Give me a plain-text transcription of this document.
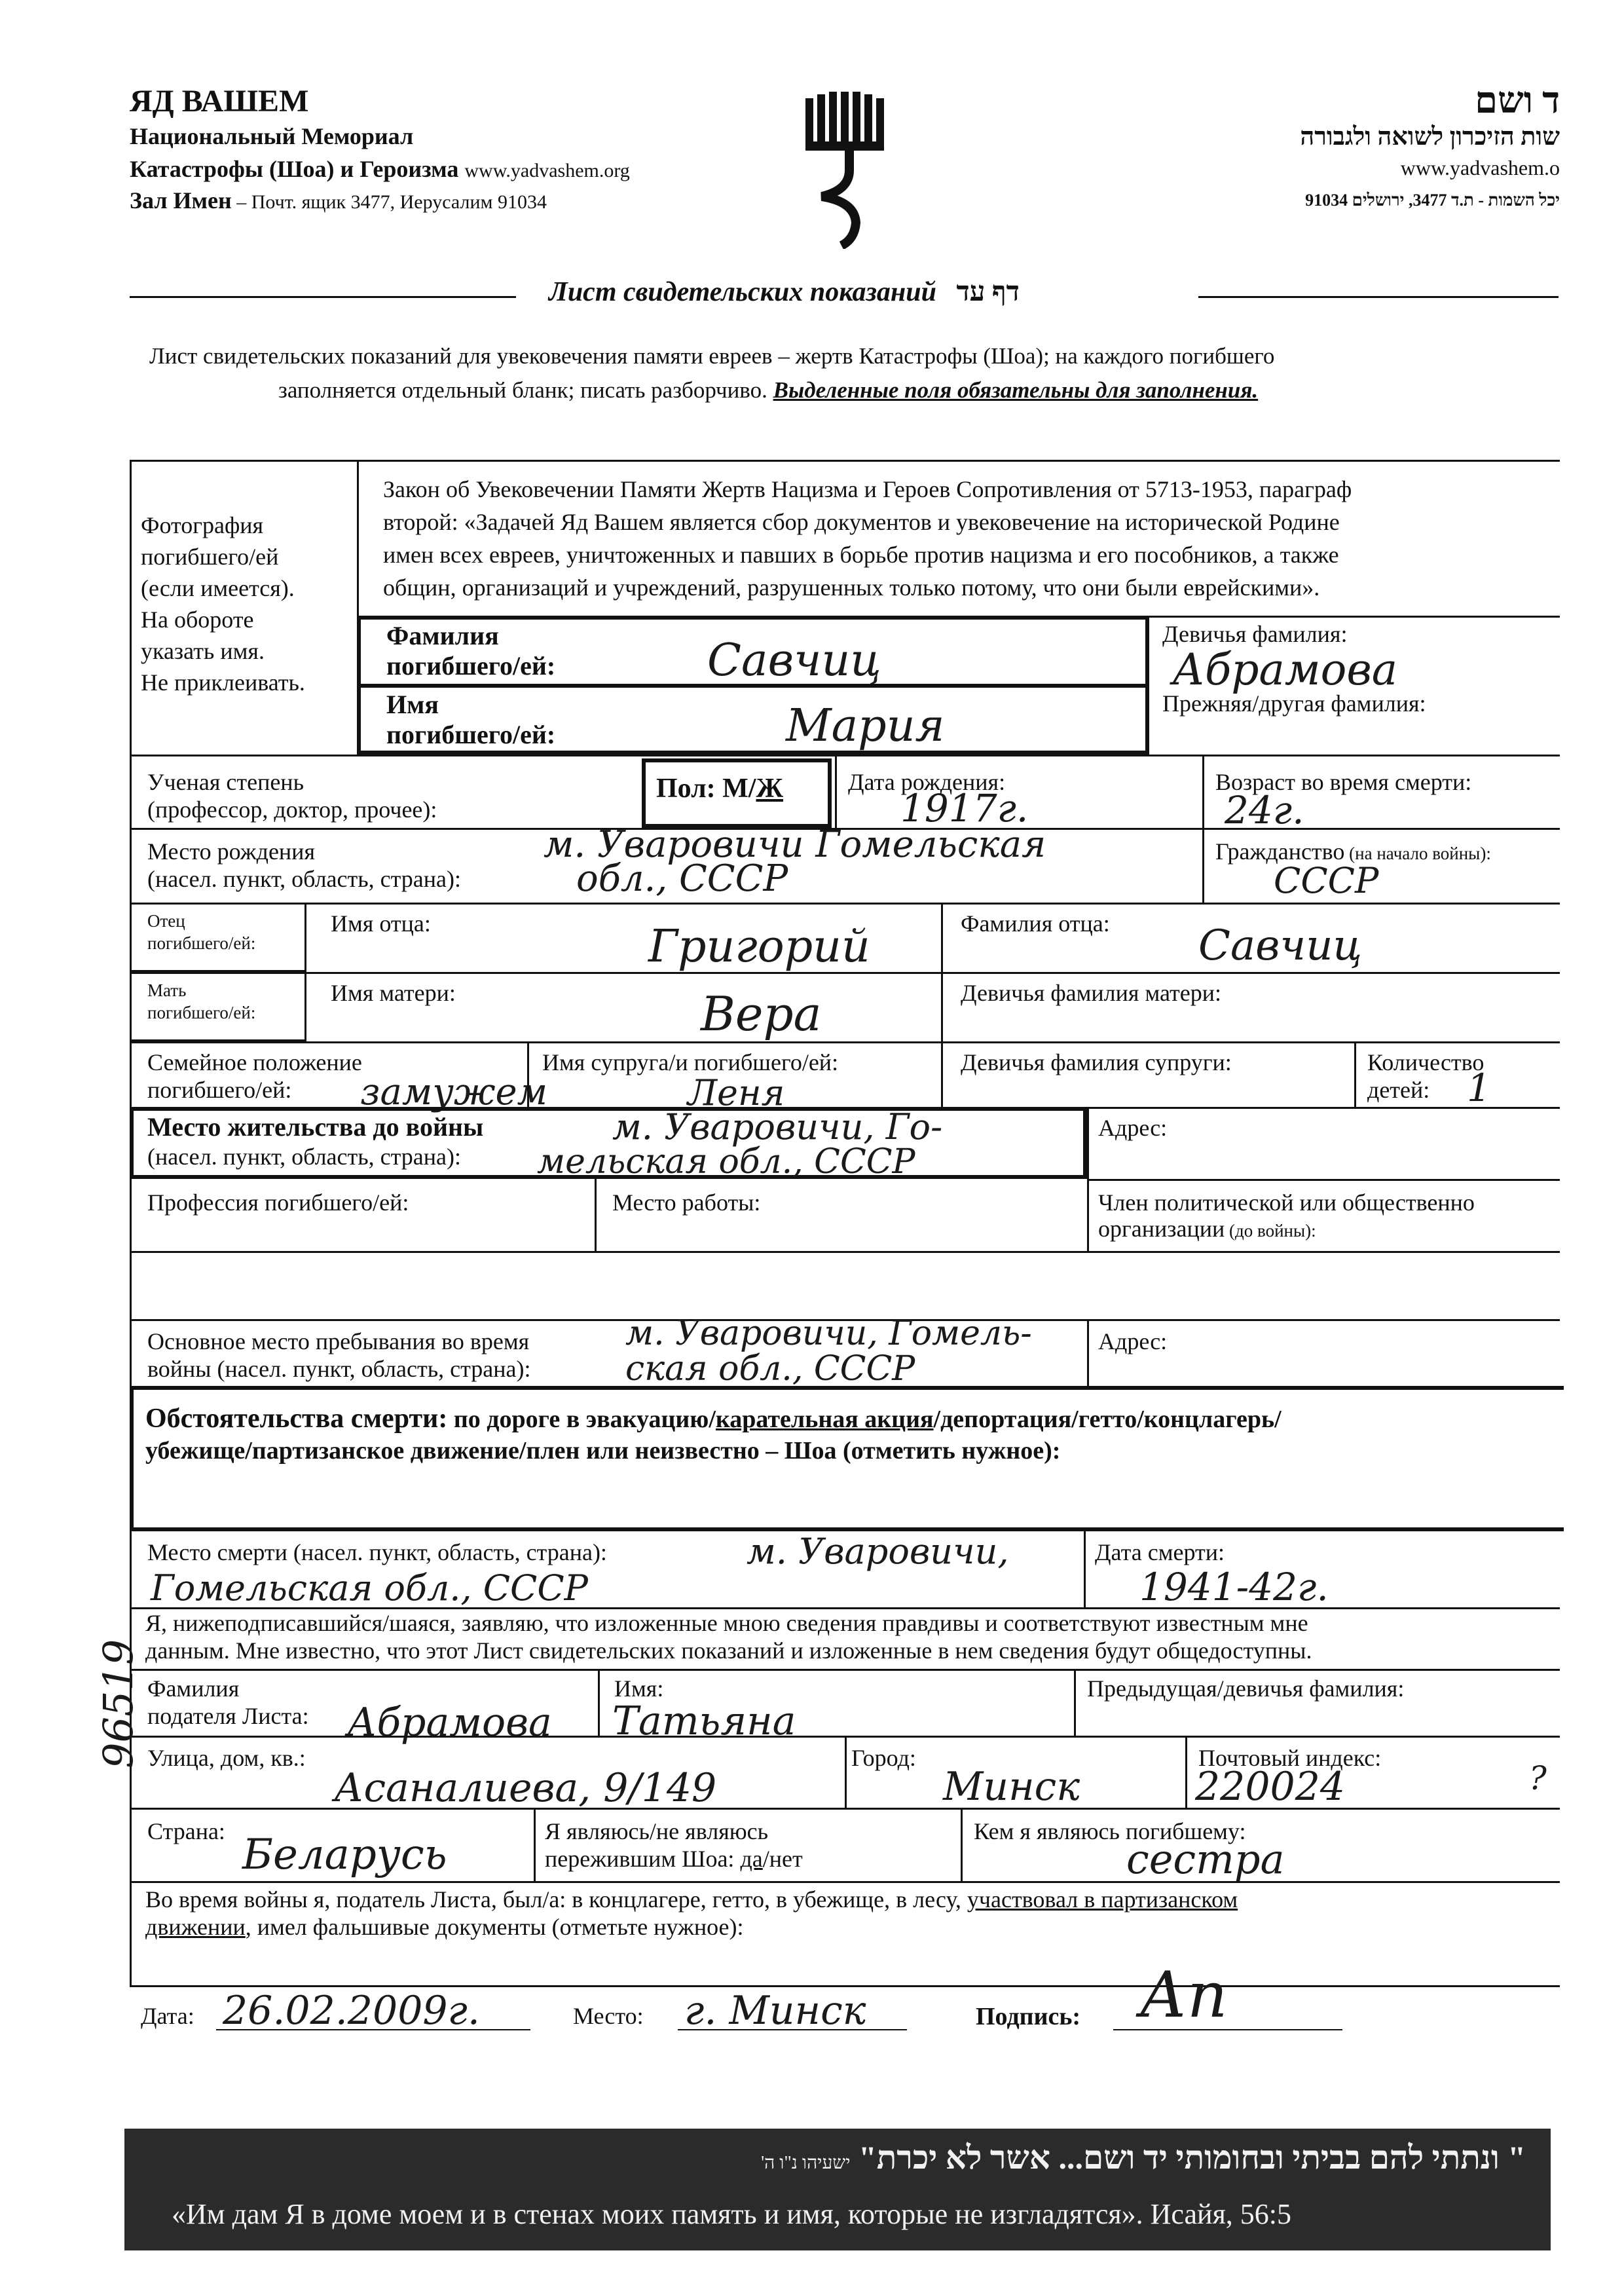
ЯД ВАШЕМ
Национальный Мемориал
Катастрофы (Шоа) и Героизма www.yadvashem.org
Зал Имен – Почт. ящик 3477, Иерусалим 91034
ד ושם
שות הזיכרון לשואה ולגבורה
www.yadvashem.o
יכל השמות - ת.ד 3477, ירושלים 91034
Лист свидетельских показаний דף עד
Лист свидетельских показаний для увековечения памяти евреев – жертв Катастрофы (Шоа); на каждого погибшего
заполняется отдельный бланк; писать разборчиво. Выделенные поля обязательны для заполнения.
Фотография
погибшего/ей
(если имеется).
На обороте
указать имя.
Не приклеивать.
Закон об Увековечении Памяти Жертв Нацизма и Героев Сопротивления от 5713-1953, параграф
второй: «Задачей Яд Вашем является сбор документов и увековечение на исторической Родине
имен всех евреев, уничтоженных и павших в борьбе против нацизма и его пособников, а также
общин, организаций и учреждений, разрушенных только потому, что они были еврейскими».
Фамилия
погибшего/ей:	Савчиц
Имя
погибшего/ей:	Мария
Девичья фамилия:
Абрамова
Прежняя/другая фамилия:
Ученая степень
(профессор, доктор, прочее):
Пол: М/Ж	Дата рождения:
1917г.
Возраст во время смерти:
24г.
Место рождения
(насел. пункт, область, страна):
м. Уваровичи Гомельская
обл., СССР
Гражданство (на начало войны):
СССР
Отец
погибшего/ей:
Имя отца:	Григорий	Фамилия отца: Савчиц
Мать
погибшего/ей:
Имя матери:	Вера	Девичья фамилия матери:
Семейное положение
погибшего/ей: замужем
Имя супруга/и погибшего/ей:
Леня
Девичья фамилия супруги:	Количество
детей: 1
Место жительства до войны
(насел. пункт, область, страна):
м. Уваровичи, Го-
мельская обл., СССР
Адрес:
Профессия погибшего/ей:	Место работы:	Член политической или общественно
организации (до войны):
Основное место пребывания во время
войны (насел. пункт, область, страна):
м. Уваровичи, Гомель-
ская обл., СССР
Адрес:
Обстоятельства смерти: по дороге в эвакуацию/карательная акция/депортация/гетто/концлагерь/
убежище/партизанское движение/плен или неизвестно – Шоа (отметить нужное):
Место смерти (насел. пункт, область, страна):	м. Уваровичи,
Гомельская обл., СССР
Дата смерти:
1941-42г.
Я, нижеподписавшийся/шаяся, заявляю, что изложенные мною сведения правдивы и соответствуют известным мне
данным. Мне известно, что этот Лист свидетельских показаний и изложенные в нем сведения будут общедоступны.
Фамилия
подателя Листа: Абрамова
Имя:
Татьяна
Предыдущая/девичья фамилия:
Улица, дом, кв.:
Асаналиева, 9/149
Город:
Минск
Почтовый индекс:
220024	?
Страна: Беларусь	Я являюсь/не являюсь
пережившим Шоа: да/нет
Кем я являюсь погибшему:
сестра
Во время войны я, податель Листа, был/а: в концлагере, гетто, в убежище, в лесу, участвовал в партизанском
движении, имел фальшивые документы (отметьте нужное):
Дата: 26.02.2009г.	Место: г. Минск	Подпись: Ап
96519
" ונתתי להם בביתי ובחומותי יד ושם... אשר לא יכרת" ישעיהו נ"ו ה'
«Им дам Я в доме моем и в стенах моих память и имя, которые не изгладятся». Исайя, 56:5
